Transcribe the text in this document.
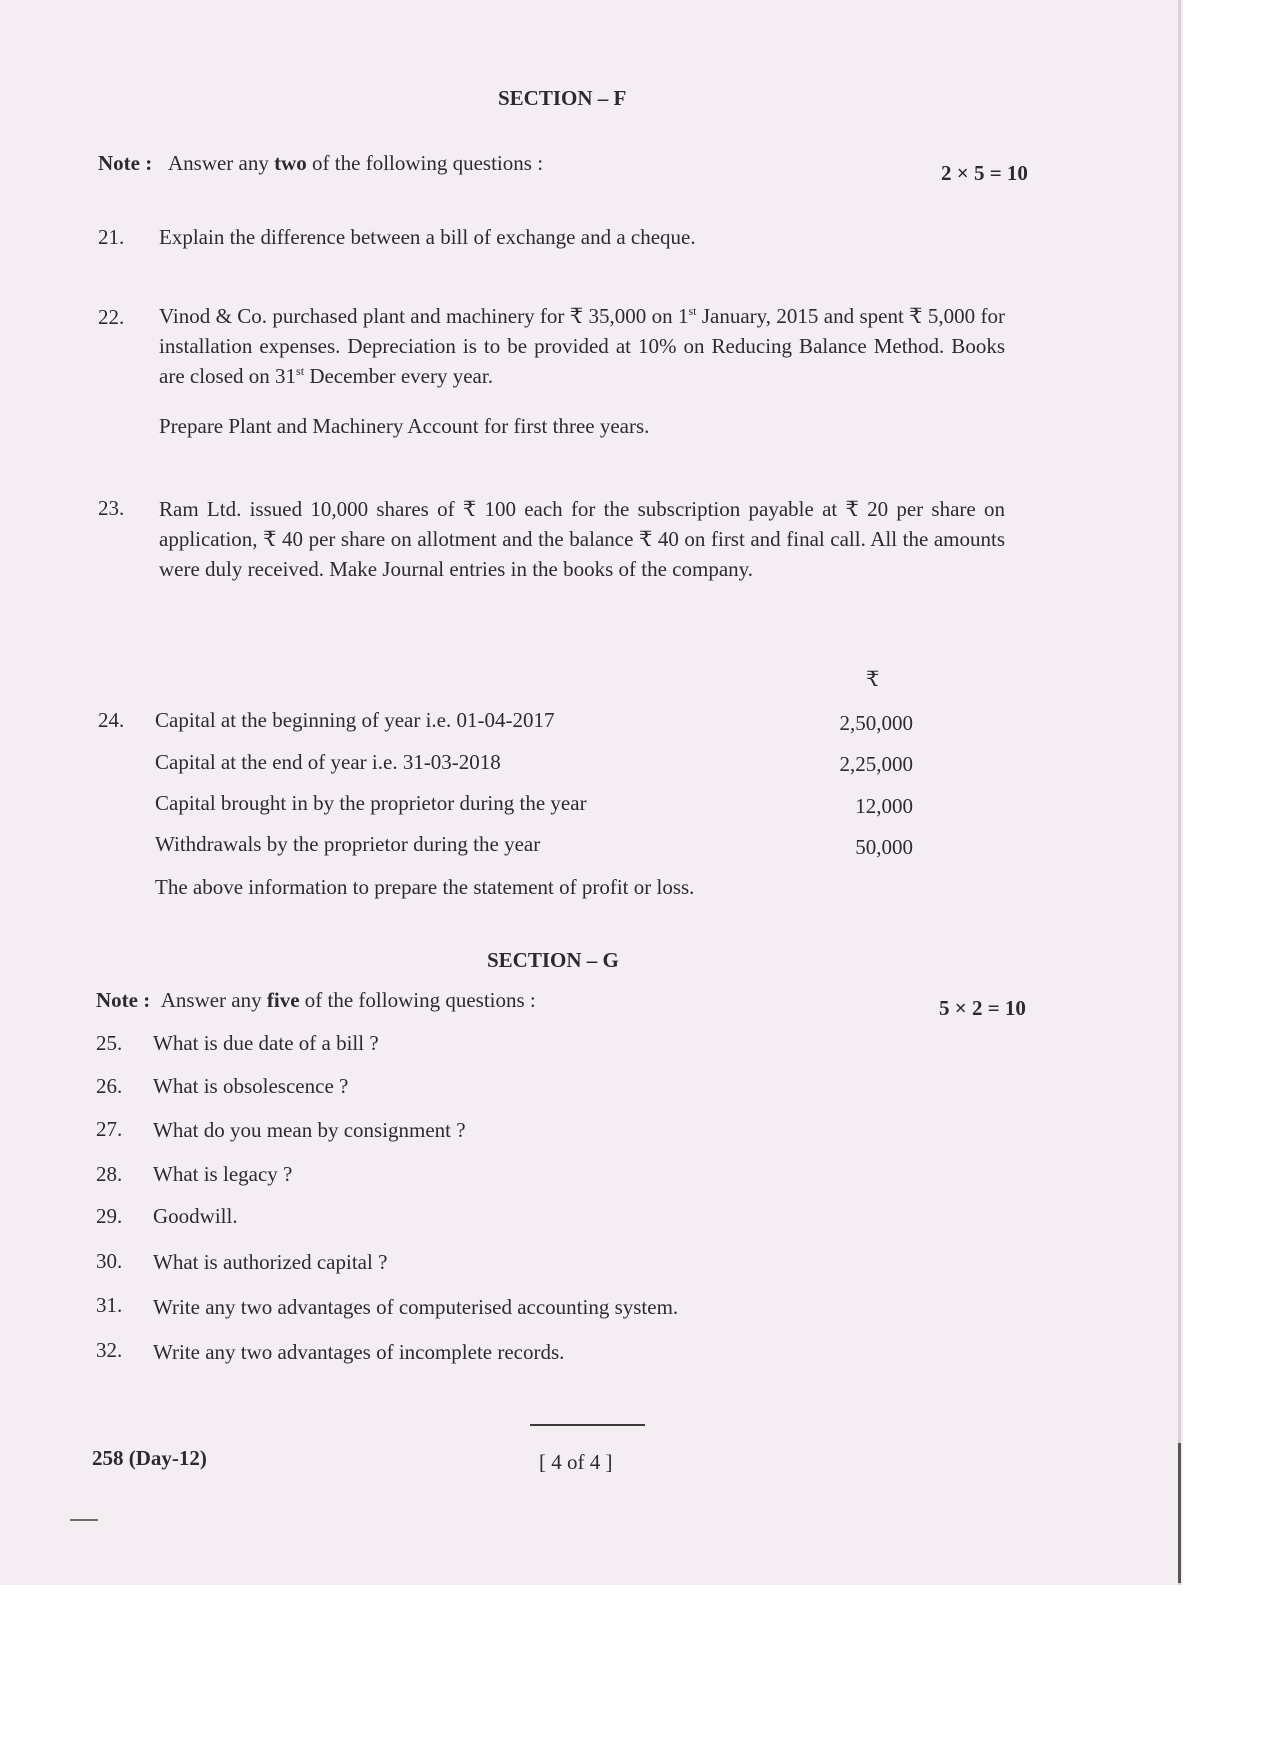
SECTION – F
Note : Answer any two of the following questions :	2 × 5 = 10
21. Explain the difference between a bill of exchange and a cheque.
22. Vinod & Co. purchased plant and machinery for ₹ 35,000 on 1st January, 2015 and spent ₹ 5,000 for installation expenses. Depreciation is to be provided at 10% on Reducing Balance Method. Books are closed on 31st December every year.
Prepare Plant and Machinery Account for first three years.
23. Ram Ltd. issued 10,000 shares of ₹ 100 each for the subscription payable at ₹ 20 per share on application, ₹ 40 per share on allotment and the balance ₹ 40 on first and final call. All the amounts were duly received. Make Journal entries in the books of the company.
₹
24. Capital at the beginning of year i.e. 01-04-2017	2,50,000
Capital at the end of year i.e. 31-03-2018	2,25,000
Capital brought in by the proprietor during the year	12,000
Withdrawals by the proprietor during the year	50,000
The above information to prepare the statement of profit or loss.
SECTION – G
Note : Answer any five of the following questions :	5 × 2 = 10
25. What is due date of a bill ?
26. What is obsolescence ?
27. What do you mean by consignment ?
28. What is legacy ?
29. Goodwill.
30. What is authorized capital ?
31. Write any two advantages of computerised accounting system.
32. Write any two advantages of incomplete records.
258 (Day-12)	[ 4 of 4 ]
